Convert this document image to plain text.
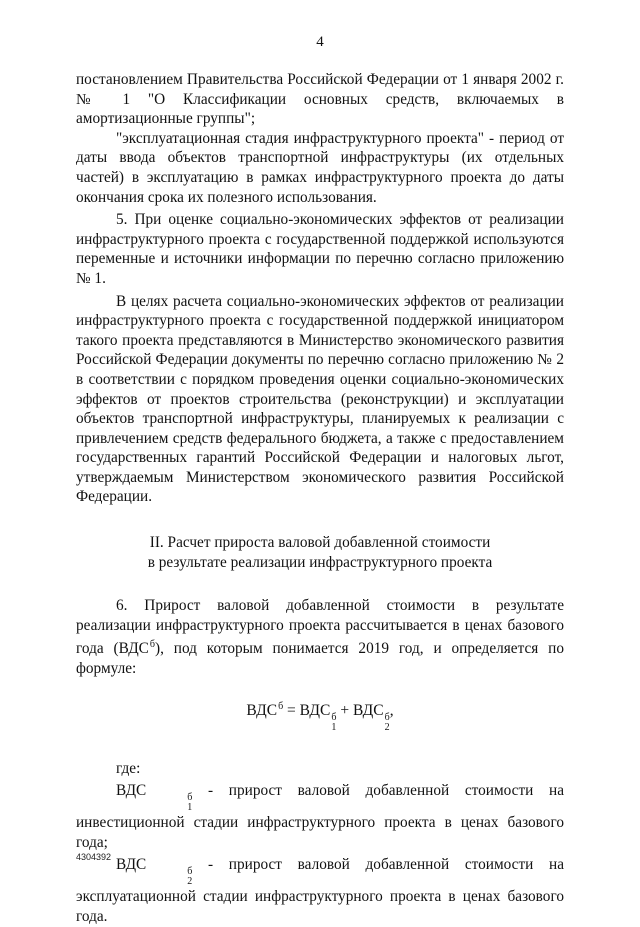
4

постановлением Правительства Российской Федерации от 1 января 2002 г. № 1 "О Классификации основных средств, включаемых в амортизационные группы";

"эксплуатационная стадия инфраструктурного проекта" - период от даты ввода объектов транспортной инфраструктуры (их отдельных частей) в эксплуатацию в рамках инфраструктурного проекта до даты окончания срока их полезного использования.

5. При оценке социально-экономических эффектов от реализации инфраструктурного проекта с государственной поддержкой используются переменные и источники информации по перечню согласно приложению № 1.

В целях расчета социально-экономических эффектов от реализации инфраструктурного проекта с государственной поддержкой инициатором такого проекта представляются в Министерство экономического развития Российской Федерации документы по перечню согласно приложению № 2 в соответствии с порядком проведения оценки социально-экономических эффектов от проектов строительства (реконструкции) и эксплуатации объектов транспортной инфраструктуры, планируемых к реализации с привлечением средств федерального бюджета, а также с предоставлением государственных гарантий Российской Федерации и налоговых льгот, утверждаемым Министерством экономического развития Российской Федерации.

II. Расчет прироста валовой добавленной стоимости

в результате реализации инфраструктурного проекта

6. Прирост валовой добавленной стоимости в результате реализации инфраструктурного проекта рассчитывается в ценах базового года $(ВДС^б)$, под которым понимается 2019 год, и определяется по формуле:

$ВДС^б$ = ВДС б
1
+ ВДС б
2
,

где:

ВДС	б
1
- прирост валовой добавленной стоимости на инвестиционной стадии инфраструктурного проекта в ценах базового года;

ВДС	б
2
- прирост валовой добавленной стоимости на эксплуатационной стадии инфраструктурного проекта в ценах базового года.

4304392
